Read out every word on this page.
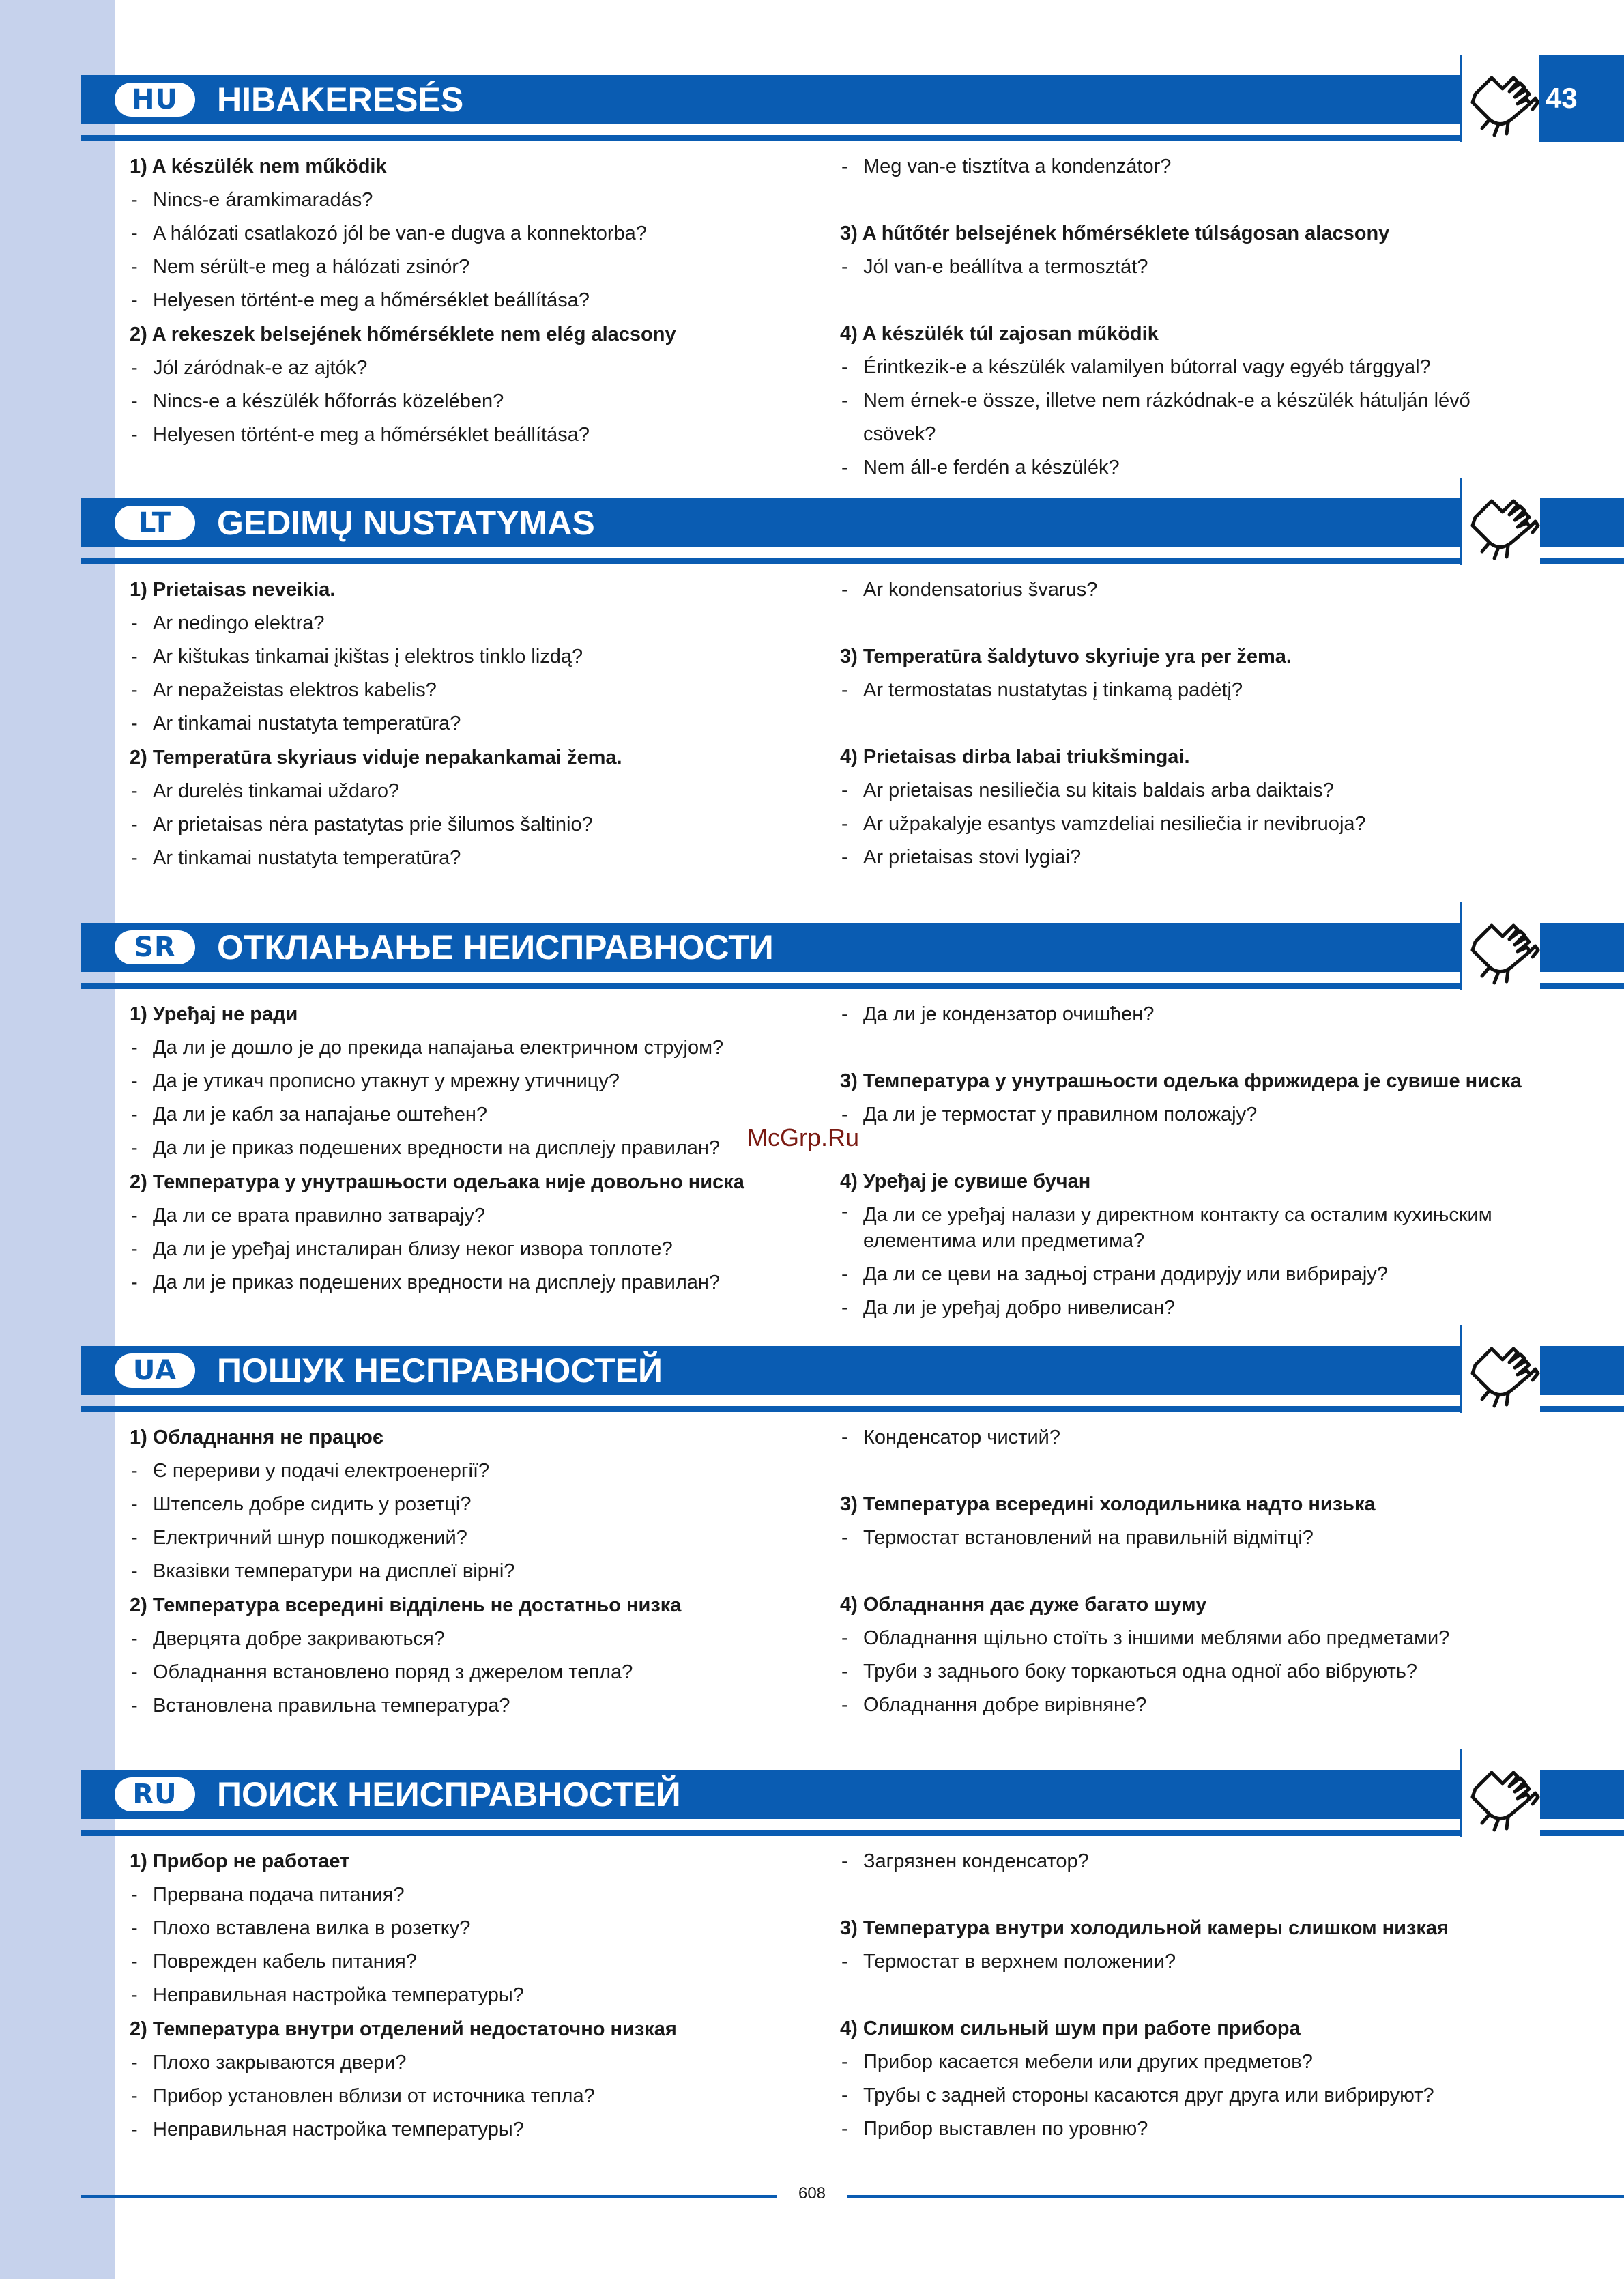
HU	HIBAKERESÉS	43
1) A készülék nem működik
- Nincs-e áramkimaradás?
- A hálózati csatlakozó jól be van-e dugva a konnektorba?
- Nem sérült-e meg a hálózati zsinór?
- Helyesen történt-e meg a hőmérséklet beállítása?
2) A rekeszek belsejének hőmérséklete nem elég alacsony
- Jól záródnak-e az ajtók?
- Nincs-e a készülék hőforrás közelében?
- Helyesen történt-e meg a hőmérséklet beállítása?
- Meg van-e tisztítva a kondenzátor?
3) A hűtőtér belsejének hőmérséklete túlságosan alacsony
- Jól van-e beállítva a termosztát?
4) A készülék túl zajosan működik
- Érintkezik-e a készülék valamilyen bútorral vagy egyéb tárggyal?
- Nem érnek-e össze, illetve nem rázkódnak-e a készülék hátulján lévő csövek?
- Nem áll-e ferdén a készülék?
LT	GEDIMŲ NUSTATYMAS
1) Prietaisas neveikia.
- Ar nedingo elektra?
- Ar kištukas tinkamai įkištas į elektros tinklo lizdą?
- Ar nepažeistas elektros kabelis?
- Ar tinkamai nustatyta temperatūra?
2) Temperatūra skyriaus viduje nepakankamai žema.
- Ar durelės tinkamai uždaro?
- Ar prietaisas nėra pastatytas prie šilumos šaltinio?
- Ar tinkamai nustatyta temperatūra?
- Ar kondensatorius švarus?
3) Temperatūra šaldytuvo skyriuje yra per žema.
- Ar termostatas nustatytas į tinkamą padėtį?
4) Prietaisas dirba labai triukšmingai.
- Ar prietaisas nesiliečia su kitais baldais arba daiktais?
- Ar užpakalyje esantys vamzdeliai nesiliečia ir nevibruoja?
- Ar prietaisas stovi lygiai?
SR	ОТКЛАЊАЊЕ НЕИСПРАВНОСТИ
1) Уређај не ради
- Да ли је дошло је до прекида напајања електричном струјом?
- Да је утикач прописно утакнут у мрежну утичницу?
- Да ли је кабл за напајање оштећен?
- Да ли је приказ подешених вредности на дисплеју правилан?
2) Температура у унутрашњости одељака није довољно ниска
- Да ли се врата правилно затварају?
- Да ли је уређај инсталиран близу неког извора топлоте?
- Да ли је приказ подешених вредности на дисплеју правилан?
- Да ли је кондензатор очишћен?
3) Температура у унутрашњости одељка фрижидера је сувише ниска
- Да ли је термостат у правилном положају?
4) Уређај је сувише бучан
- Да ли се уређај налази у директном контакту са осталим кухињским елементима или предметима?
- Да ли се цеви на задњој страни додирују или вибрирају?
- Да ли је уређај добро нивелисан?
UA	ПОШУК НЕСПРАВНОСТЕЙ
1) Обладнання не працює
- Є перериви у подачі електроенергії?
- Штепсель добре сидить у розетці?
- Електричний шнур пошкоджений?
- Вказівки температури на дисплеї вірні?
2) Температура всередині відділень не достатньо низка
- Дверцята добре закриваються?
- Обладнання встановлено поряд з джерелом тепла?
- Встановлена правильна температура?
- Конденсатор чистий?
3) Температура всередині холодильника надто низька
- Термостат встановлений на правильній відмітці?
4) Обладнання дає дуже багато шуму
- Обладнання щільно стоїть з іншими меблями або предметами?
- Труби з заднього боку торкаються одна одної або вібрують?
- Обладнання добре вирівняне?
RU	ПОИСК НЕИСПРАВНОСТЕЙ
1) Прибор не работает
- Прервана подача питания?
- Плохо вставлена вилка в розетку?
- Поврежден кабель питания?
- Неправильная настройка температуры?
2) Температура внутри отделений недостаточно низкая
- Плохо закрываются двери?
- Прибор установлен вблизи от источника тепла?
- Неправильная настройка температуры?
- Загрязнен конденсатор?
3) Температура внутри холодильной камеры слишком низкая
- Термостат в верхнем положении?
4) Слишком сильный шум при работе прибора
- Прибор касается мебели или других предметов?
- Трубы с задней стороны касаются друг друга или вибрируют?
- Прибор выставлен по уровню?
608
McGrp.Ru
